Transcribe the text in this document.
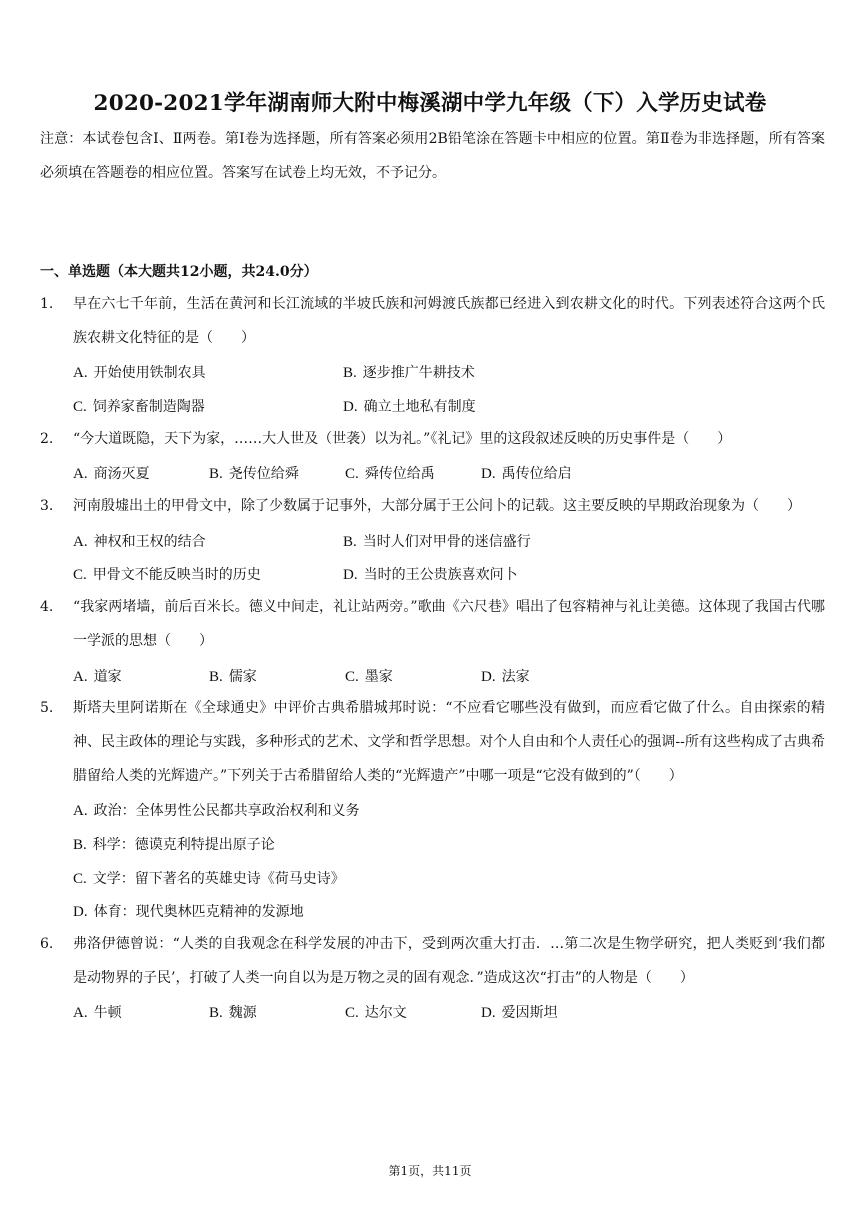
2020-2021学年湖南师大附中梅溪湖中学九年级（下）入学历史试卷
注意：本试卷包含Ⅰ、Ⅱ两卷。第Ⅰ卷为选择题，所有答案必须用2B铅笔涂在答题卡中相应的位置。第Ⅱ卷为非选择题，所有答案必须填在答题卷的相应位置。答案写在试卷上均无效，不予记分。
一、单选题（本大题共12小题，共24.0分）
1. 早在六七千年前，生活在黄河和长江流域的半坡氏族和河姆渡氏族都已经进入到农耕文化的时代。下列表述符合这两个氏族农耕文化特征的是（　　）
A. 开始使用铁制农具	B. 逐步推广牛耕技术
C. 饲养家畜制造陶器	D. 确立土地私有制度
2. “今大道既隐，天下为家，……大人世及（世袭）以为礼。”《礼记》里的这段叙述反映的历史事件是（　　）
A. 商汤灭夏	B. 尧传位给舜	C. 舜传位给禹	D. 禹传位给启
3. 河南殷墟出土的甲骨文中，除了少数属于记事外，大部分属于王公问卜的记载。这主要反映的早期政治现象为（　　）
A. 神权和王权的结合	B. 当时人们对甲骨的迷信盛行
C. 甲骨文不能反映当时的历史	D. 当时的王公贵族喜欢问卜
4. “我家两堵墙，前后百米长。德义中间走，礼让站两旁。”歌曲《六尺巷》唱出了包容精神与礼让美德。这体现了我国古代哪一学派的思想（　　）
A. 道家	B. 儒家	C. 墨家	D. 法家
5. 斯塔夫里阿诺斯在《全球通史》中评价古典希腊城邦时说：“不应看它哪些没有做到，而应看它做了什么。自由探索的精神、民主政体的理论与实践，多种形式的艺术、文学和哲学思想。对个人自由和个人责任心的强调--所有这些构成了古典希腊留给人类的光辉遗产。”下列关于古希腊留给人类的“光辉遗产”中哪一项是“它没有做到的”（　　）
A. 政治：全体男性公民都共享政治权利和义务
B. 科学：德谟克利特提出原子论
C. 文学：留下著名的英雄史诗《荷马史诗》
D. 体育：现代奥林匹克精神的发源地
6. 弗洛伊德曾说：“人类的自我观念在科学发展的冲击下，受到两次重大打击．…第二次是生物学研究，把人类贬到‘我们都是动物界的子民’，打破了人类一向自以为是万物之灵的固有观念．”造成这次“打击”的人物是（　　）
A. 牛顿	B. 魏源	C. 达尔文	D. 爱因斯坦
第1页，共11页
